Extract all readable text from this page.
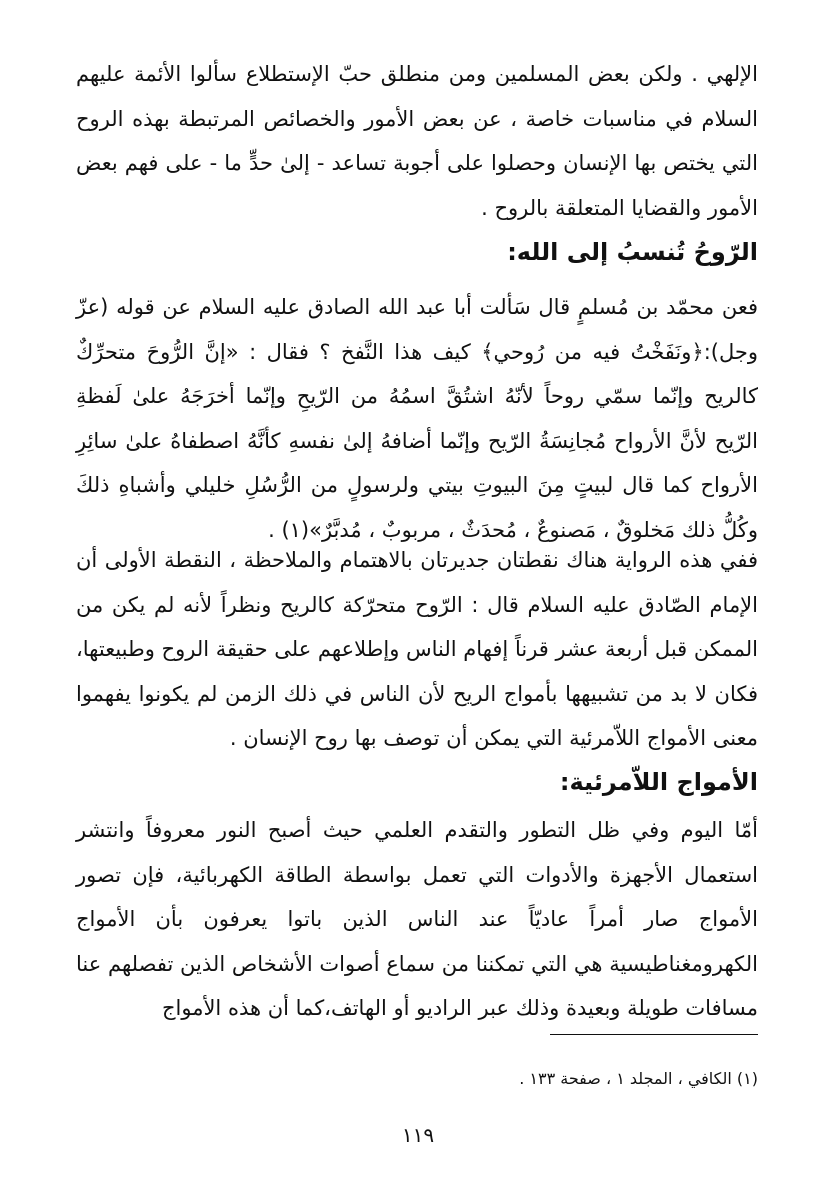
الإلهي . ولكن بعض المسلمين ومن منطلق حبّ الإستطلاع سألوا الأئمة عليهم السلام في مناسبات خاصة ، عن بعض الأمور والخصائص المرتبطة بهذه الروح التي يختص بها الإنسان وحصلوا على أجوبة تساعد - إلىٰ حدٍّ ما - على فهم بعض الأمور والقضايا المتعلقة بالروح .

الرّوحُ تُنسبُ إلى الله:

فعن محمّد بن مُسلمٍ قال سَألت أبا عبد الله الصادق عليه السلام عن قوله (عزّ وجل):﴿ونَفَخْتُ فيه من رُوحي﴾ كيف هذا النَّفخ ؟ فقال : «إنَّ الرُّوحَ متحرِّكٌ كالريح وإنّما سمّي روحاً لأنّهُ اشتُقَّ اسمُهُ من الرّيحِ وإنّما أخرَجَهُ علىٰ لَفظةِ الرّيح لأنَّ الأرواح مُجانِسَةُ الرّيح وإنّما أضافهُ إلىٰ نفسهِ كأنَّهُ اصطفاهُ علىٰ سائِرِ الأرواح كما قال لبيتٍ مِنَ البيوتِ بيتي ولرسولٍ من الرُّسُلِ خليلي وأشباهِ ذلكَ وكُلُّ ذلك مَخلوقٌ ، مَصنوعٌ ، مُحدَثٌ ، مربوبٌ ، مُدبَّرٌ»(١) .

ففي هذه الرواية هناك نقطتان جديرتان بالاهتمام والملاحظة ، النقطة الأولى أن الإمام الصّادق عليه السلام قال : الرّوح متحرّكة كالريح ونظراً لأنه لم يكن من الممكن قبل أربعة عشر قرناً إفهام الناس وإطلاعهم على حقيقة الروح وطبيعتها، فكان لا بد من تشبيهها بأمواج الريح لأن الناس في ذلك الزمن لم يكونوا يفهموا معنى الأمواج اللاّمرئية التي يمكن أن توصف بها روح الإنسان .

الأمواج اللاّمرئية:

أمّا اليوم وفي ظل التطور والتقدم العلمي حيث أصبح النور معروفاً وانتشر استعمال الأجهزة والأدوات التي تعمل بواسطة الطاقة الكهربائية، فإن تصور الأمواج صار أمراً عاديّاً عند الناس الذين باتوا يعرفون بأن الأمواج الكهرومغناطيسية هي التي تمكننا من سماع أصوات الأشخاص الذين تفصلهم عنا مسافات طويلة وبعيدة وذلك عبر الراديو أو الهاتف،كما أن هذه الأمواج

(١) الكافي ، المجلد ١ ، صفحة ١٣٣ .

١١٩
